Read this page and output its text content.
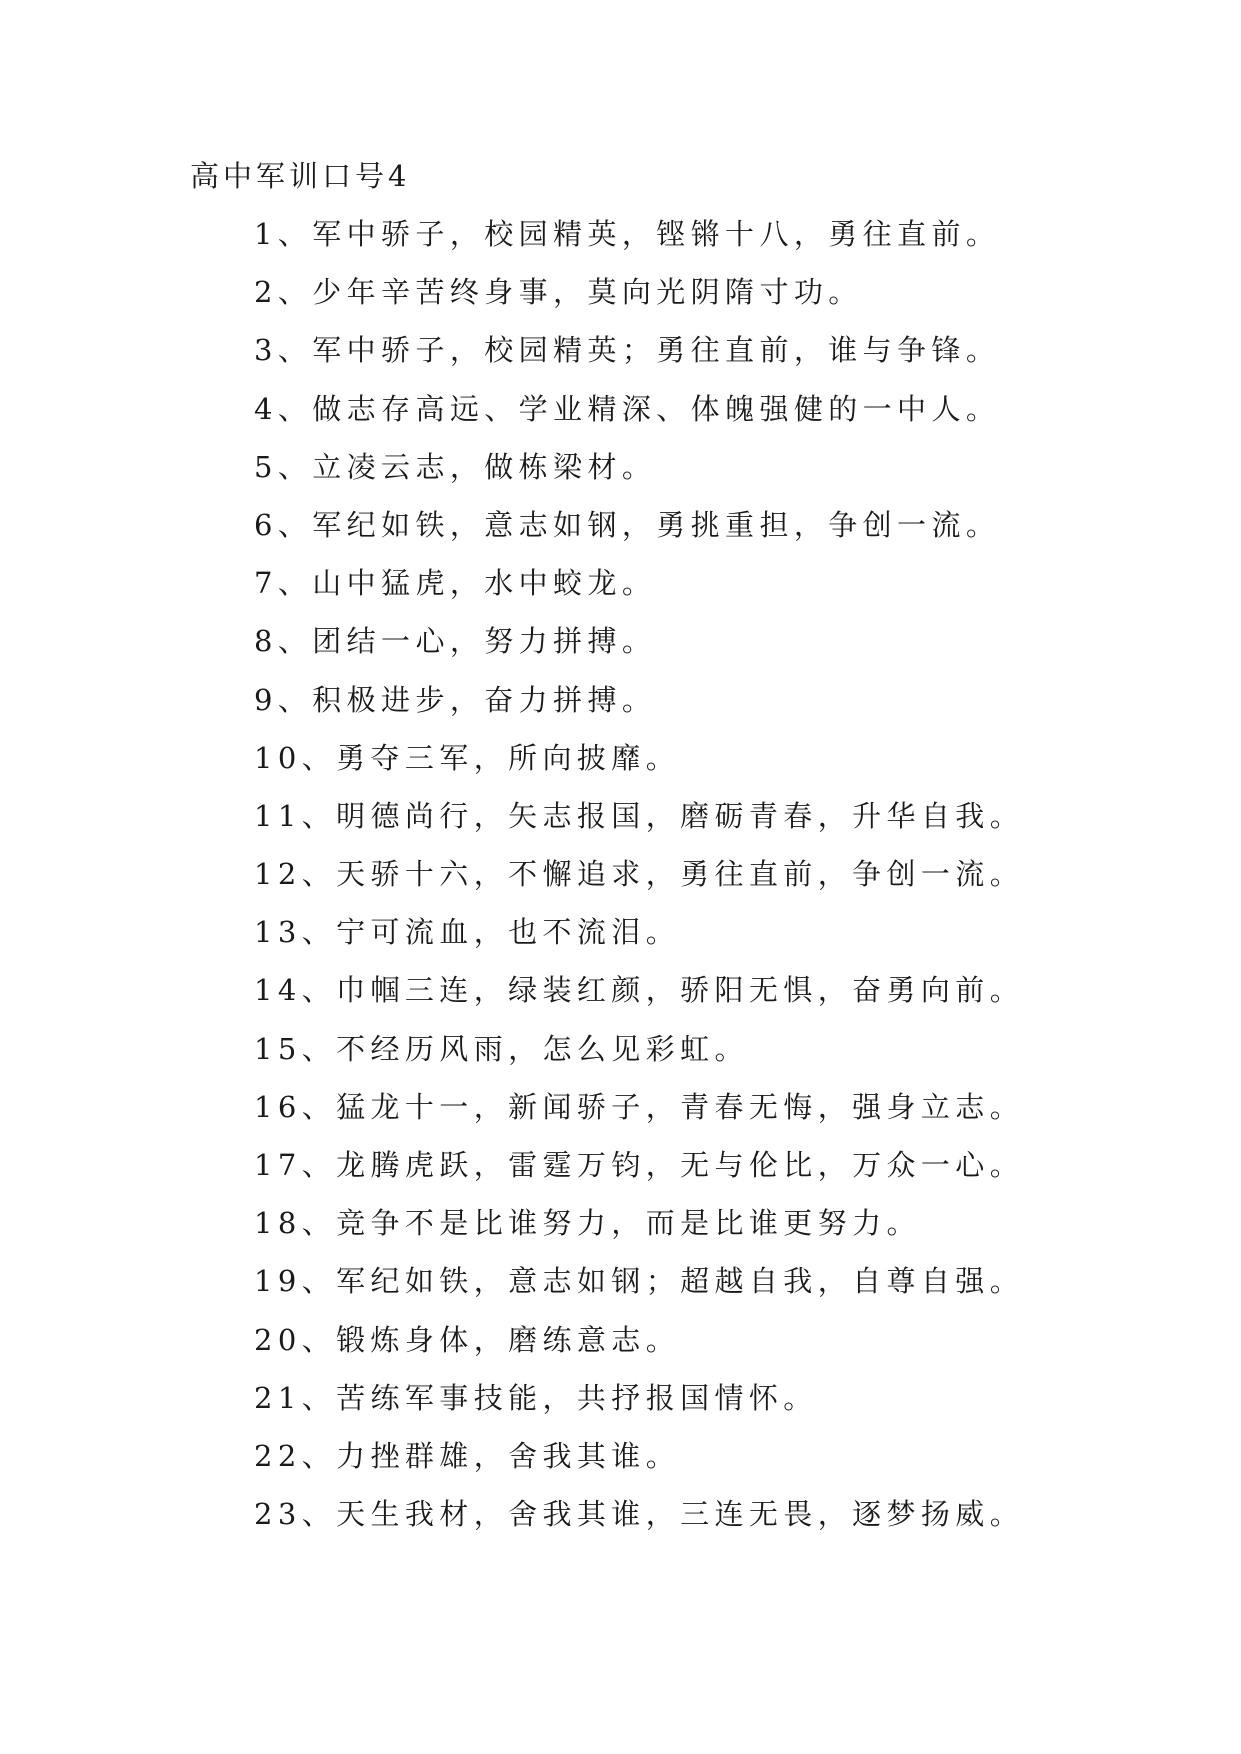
高中军训口号4
1、军中骄子，校园精英，铿锵十八，勇往直前。
2、少年辛苦终身事，莫向光阴隋寸功。
3、军中骄子，校园精英；勇往直前，谁与争锋。
4、做志存高远、学业精深、体魄强健的一中人。
5、立凌云志，做栋梁材。
6、军纪如铁，意志如钢，勇挑重担，争创一流。
7、山中猛虎，水中蛟龙。
8、团结一心，努力拼搏。
9、积极进步，奋力拼搏。
10、勇夺三军，所向披靡。
11、明德尚行，矢志报国，磨砺青春，升华自我。
12、天骄十六，不懈追求，勇往直前，争创一流。
13、宁可流血，也不流泪。
14、巾帼三连，绿装红颜，骄阳无惧，奋勇向前。
15、不经历风雨，怎么见彩虹。
16、猛龙十一，新闻骄子，青春无悔，强身立志。
17、龙腾虎跃，雷霆万钧，无与伦比，万众一心。
18、竞争不是比谁努力，而是比谁更努力。
19、军纪如铁，意志如钢；超越自我，自尊自强。
20、锻炼身体，磨练意志。
21、苦练军事技能，共抒报国情怀。
22、力挫群雄，舍我其谁。
23、天生我材，舍我其谁，三连无畏，逐梦扬威。
